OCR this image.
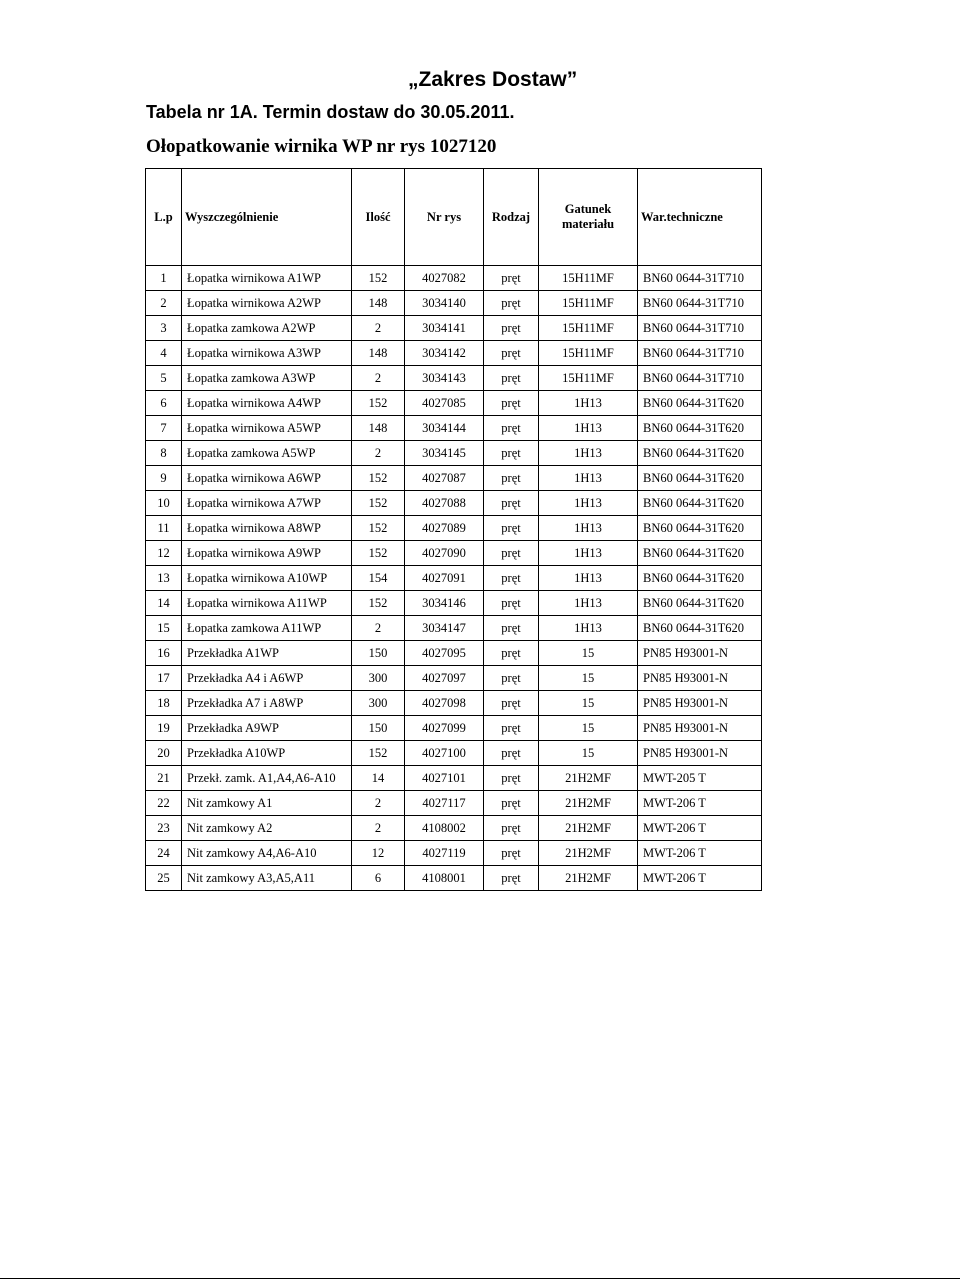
„Zakres Dostaw”
Tabela nr 1A. Termin dostaw do 30.05.2011.
Ołopatkowanie wirnika WP nr rys 1027120
L.p	Wyszczególnienie	Ilość	Nr rys	Rodzaj	Gatunek materiału	War.techniczne
1	Łopatka wirnikowa A1WP	152	4027082	pręt	15H11MF	BN60 0644-31T710
2	Łopatka wirnikowa A2WP	148	3034140	pręt	15H11MF	BN60 0644-31T710
3	Łopatka zamkowa A2WP	2	3034141	pręt	15H11MF	BN60 0644-31T710
4	Łopatka wirnikowa A3WP	148	3034142	pręt	15H11MF	BN60 0644-31T710
5	Łopatka zamkowa A3WP	2	3034143	pręt	15H11MF	BN60 0644-31T710
6	Łopatka wirnikowa A4WP	152	4027085	pręt	1H13	BN60 0644-31T620
7	Łopatka wirnikowa A5WP	148	3034144	pręt	1H13	BN60 0644-31T620
8	Łopatka zamkowa A5WP	2	3034145	pręt	1H13	BN60 0644-31T620
9	Łopatka wirnikowa A6WP	152	4027087	pręt	1H13	BN60 0644-31T620
10	Łopatka wirnikowa A7WP	152	4027088	pręt	1H13	BN60 0644-31T620
11	Łopatka wirnikowa A8WP	152	4027089	pręt	1H13	BN60 0644-31T620
12	Łopatka wirnikowa A9WP	152	4027090	pręt	1H13	BN60 0644-31T620
13	Łopatka wirnikowa A10WP	154	4027091	pręt	1H13	BN60 0644-31T620
14	Łopatka wirnikowa A11WP	152	3034146	pręt	1H13	BN60 0644-31T620
15	Łopatka zamkowa A11WP	2	3034147	pręt	1H13	BN60 0644-31T620
16	Przekładka A1WP	150	4027095	pręt	15	PN85 H93001-N
17	Przekładka A4 i A6WP	300	4027097	pręt	15	PN85 H93001-N
18	Przekładka A7 i A8WP	300	4027098	pręt	15	PN85 H93001-N
19	Przekładka A9WP	150	4027099	pręt	15	PN85 H93001-N
20	Przekładka A10WP	152	4027100	pręt	15	PN85 H93001-N
21	Przekł. zamk. A1,A4,A6-A10	14	4027101	pręt	21H2MF	MWT-205 T
22	Nit zamkowy A1	2	4027117	pręt	21H2MF	MWT-206 T
23	Nit zamkowy A2	2	4108002	pręt	21H2MF	MWT-206 T
24	Nit zamkowy A4,A6-A10	12	4027119	pręt	21H2MF	MWT-206 T
25	Nit zamkowy A3,A5,A11	6	4108001	pręt	21H2MF	MWT-206 T
